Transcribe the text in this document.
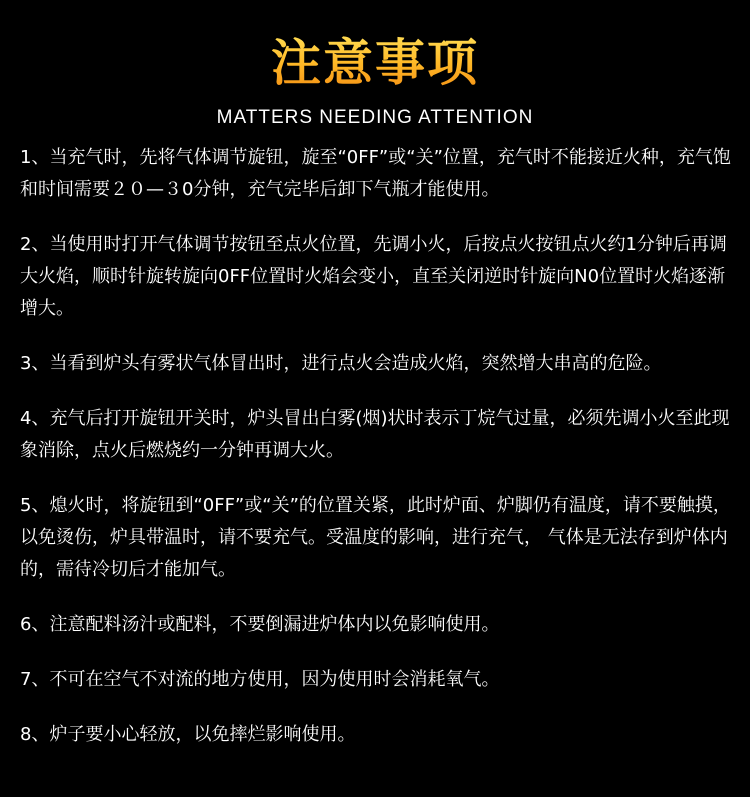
注意事项
MATTERS NEEDING ATTENTION

1、当充气时，先将气体调节旋钮，旋至“0FF”或“关”位置，充气时不能接近火种，充气饱和时间需要２０—３0分钟，充气完毕后卸下气瓶才能使用。

2、当使用时打开气体调节按钮至点火位置，先调小火，后按点火按钮点火约1分钟后再调大火焰，顺时针旋转旋向0FF位置时火焰会变小，直至关闭逆时针旋向N0位置时火焰逐渐增大。

3、当看到炉头有雾状气体冒出时，进行点火会造成火焰，突然增大串高的危险。

4、充气后打开旋钮开关时，炉头冒出白雾(烟)状时表示丁烷气过量，必须先调小火至此现象消除，点火后燃烧约一分钟再调大火。

5、熄火时，将旋钮到“0FF”或“关”的位置关紧，此时炉面、炉脚仍有温度，请不要触摸，以免烫伤，炉具带温时，请不要充气。受温度的影响，进行充气， 气体是无法存到炉体内的，需待冷切后才能加气。

6、注意配料汤汁或配料，不要倒漏进炉体内以免影响使用。

7、不可在空气不对流的地方使用，因为使用时会消耗氧气。

8、炉子要小心轻放，以免摔烂影响使用。
